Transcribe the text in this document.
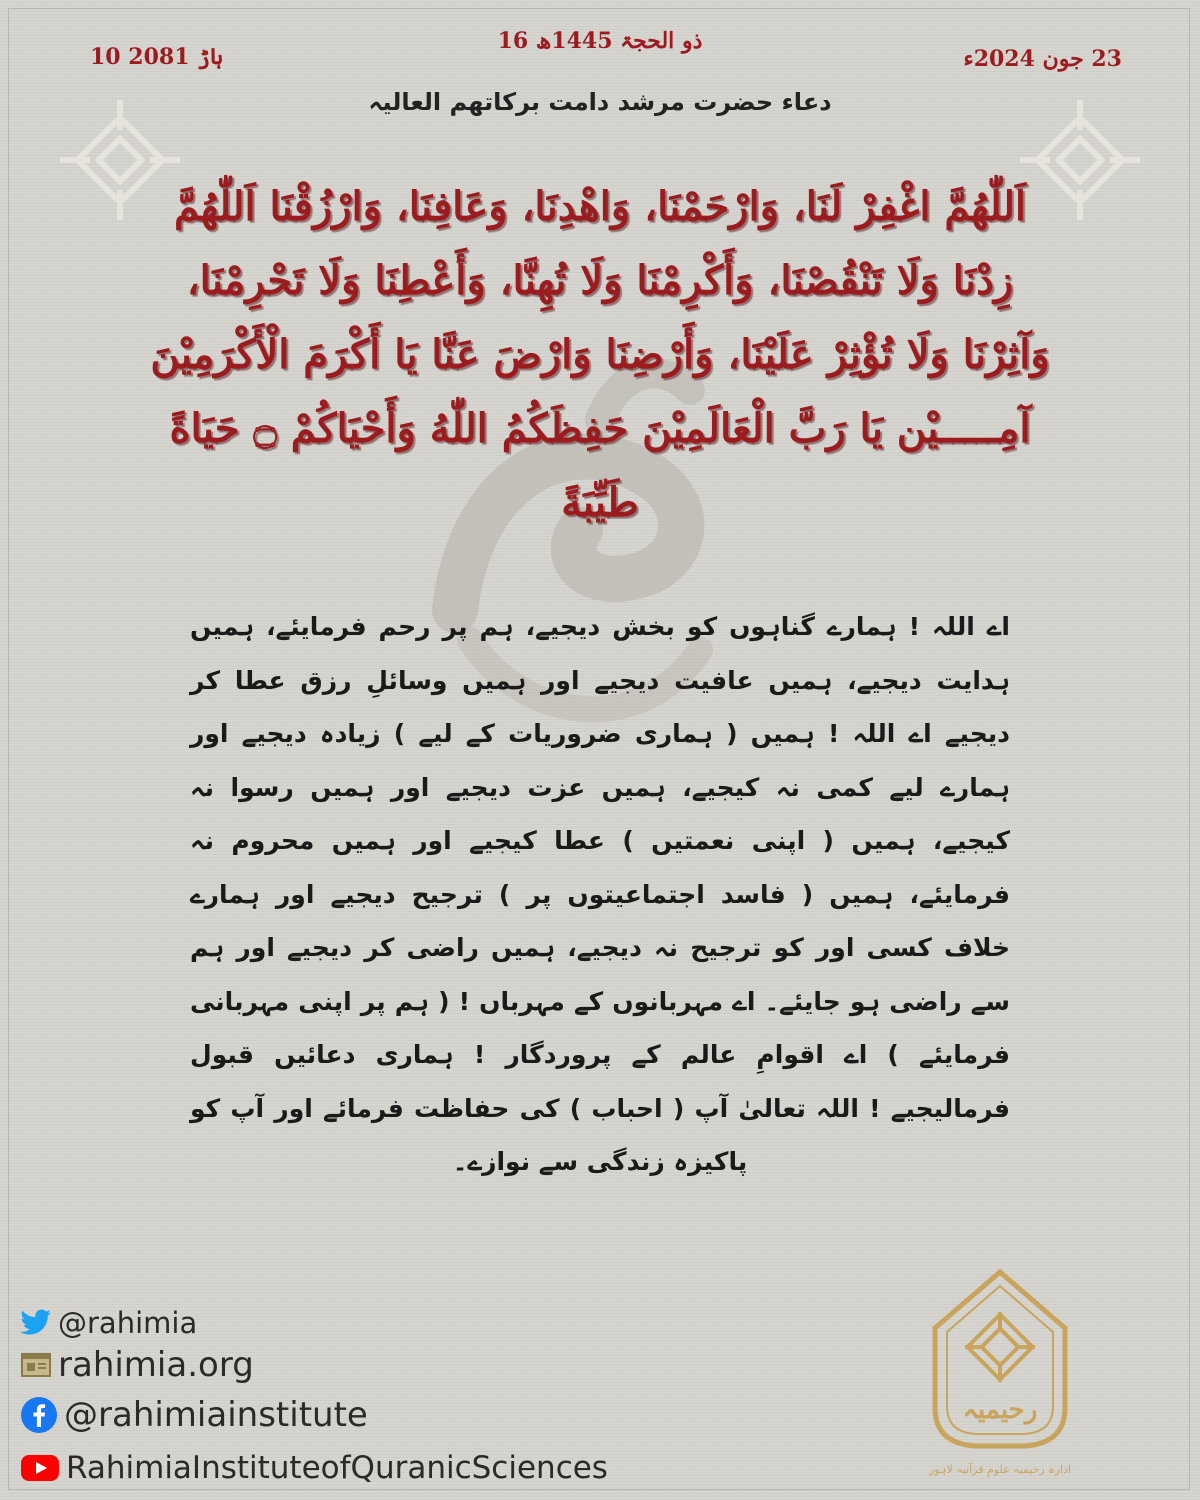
16 ذو الحجۃ 1445ھ
10 ہاڑ 2081	23 جون 2024ء
دعاء حضرت مرشد دامت برکاتھم العالیہ
اَللّٰهُمَّ اغْفِرْ لَنَا، وَارْحَمْنَا، وَاهْدِنَا، وَعَافِنَا، وَارْزُقْنَا اَللّٰهُمَّ زِدْنَا وَلَا تَنْقُصْنَا، وَأَكْرِمْنَا وَلَا تُهِنَّا، وَأَعْطِنَا وَلَا تَحْرِمْنَا، وَآثِرْنَا وَلَا تُؤْثِرْ عَلَيْنَا، وَأَرْضِنَا وَارْضَ عَنَّا يَا أَكْرَمَ الْأَكْرَمِيْنَ آمِـــــيْن يَا رَبَّ الْعَالَمِيْنَ حَفِظَكُمُ اللّٰهُ وَأَحْيَاكُمْ ۝ حَيَاةً طَيِّبَةً
اے اللہ ! ہمارے گناہوں کو بخش دیجیے، ہم پر رحم فرمایئے، ہمیں ہدایت دیجیے، ہمیں عافیت دیجیے اور ہمیں وسائلِ رزق عطا کر دیجیے اے اللہ ! ہمیں ( ہماری ضروریات کے لیے ) زیادہ دیجیے اور ہمارے لیے کمی نہ کیجیے، ہمیں عزت دیجیے اور ہمیں رسوا نہ کیجیے، ہمیں ( اپنی نعمتیں ) عطا کیجیے اور ہمیں محروم نہ فرمایئے، ہمیں ( فاسد اجتماعیتوں پر ) ترجیح دیجیے اور ہمارے خلاف کسی اور کو ترجیح نہ دیجیے، ہمیں راضی کر دیجیے اور ہم سے راضی ہو جایئے۔ اے مہربانوں کے مہرباں ! ( ہم پر اپنی مہربانی فرمایئے ) اے اقوامِ عالم کے پروردگار ! ہماری دعائیں قبول فرمالیجیے ! اللہ تعالیٰ آپ ( احباب ) کی حفاظت فرمائے اور آپ کو پاکیزہ زندگی سے نوازے۔
@rahimia
rahimia.org
@rahimiainstitute
RahimiaInstituteofQuranicSciences
رحیمیہ
ادارہ رحیمیہ علومِ قرآنیہ لاہور
